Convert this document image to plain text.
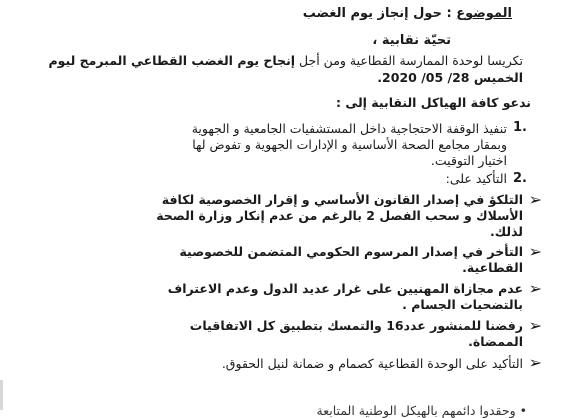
الموضوع : حول إنجاز يوم الغضب
تحيّة نقابية ،
تكريسا لوحدة الممارسة القطاعية ومن أجل إنجاح يوم الغضب القطاعي المبرمج ليوم
الخميس 28/ 05/ 2020.
ندعو كافة الهياكل النقابية إلى :
1.
تنفيذ الوقفة الاحتجاجية داخل المستشفيات الجامعية و الجهوية
وبمقار مجامع الصحة الأساسية و الإدارات الجهوية و تفوض لها
اختيار التوقيت.
2.
التأكيد على:
➢
التلكؤ في إصدار القانون الأساسي و إقرار الخصوصية لكافة
الأسلاك و سحب الفصل 2 بالرغم من عدم إنكار وزارة الصحة
لذلك.
➢
التأخر في إصدار المرسوم الحكومي المتضمن للخصوصية
القطاعية.
➢
عدم مجازاة المهنيين على غرار عديد الدول وعدم الاعتراف
بالتضحيات الجسام .
➢
رفضنا للمنشور عدد16 والتمسك بتطبيق كل الاتفاقيات
الممضاة.
➢
التأكيد على الوحدة القطاعية كصمام و ضمانة لنيل الحقوق.
• وحقدوا دائمهم بالهيكل الوطنية المتابعة
